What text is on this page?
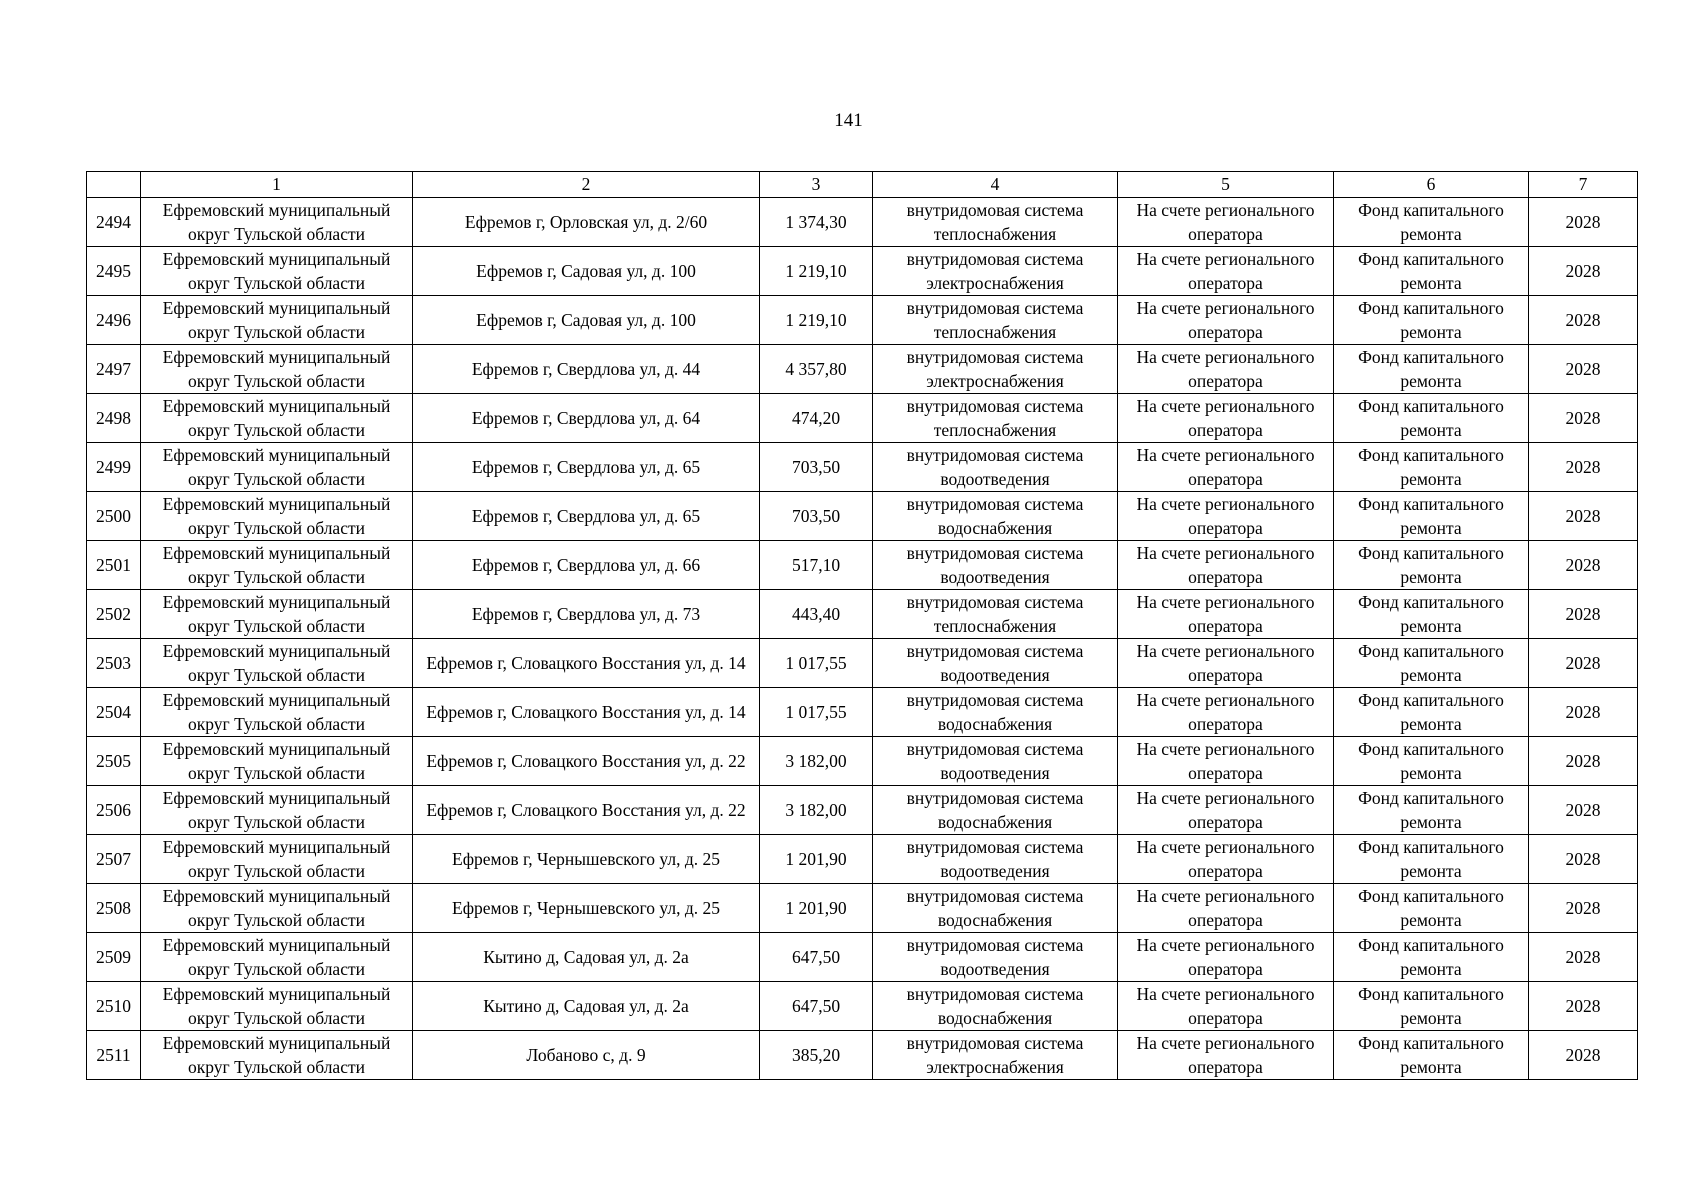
141
	1	2	3	4	5	6	7
2494	Ефремовский муниципальный округ Тульской области	Ефремов г, Орловская ул, д. 2/60	1 374,30	внутридомовая система теплоснабжения	На счете регионального оператора	Фонд капитального ремонта	2028
2495	Ефремовский муниципальный округ Тульской области	Ефремов г, Садовая ул, д. 100	1 219,10	внутридомовая система электроснабжения	На счете регионального оператора	Фонд капитального ремонта	2028
2496	Ефремовский муниципальный округ Тульской области	Ефремов г, Садовая ул, д. 100	1 219,10	внутридомовая система теплоснабжения	На счете регионального оператора	Фонд капитального ремонта	2028
2497	Ефремовский муниципальный округ Тульской области	Ефремов г, Свердлова ул, д. 44	4 357,80	внутридомовая система электроснабжения	На счете регионального оператора	Фонд капитального ремонта	2028
2498	Ефремовский муниципальный округ Тульской области	Ефремов г, Свердлова ул, д. 64	474,20	внутридомовая система теплоснабжения	На счете регионального оператора	Фонд капитального ремонта	2028
2499	Ефремовский муниципальный округ Тульской области	Ефремов г, Свердлова ул, д. 65	703,50	внутридомовая система водоотведения	На счете регионального оператора	Фонд капитального ремонта	2028
2500	Ефремовский муниципальный округ Тульской области	Ефремов г, Свердлова ул, д. 65	703,50	внутридомовая система водоснабжения	На счете регионального оператора	Фонд капитального ремонта	2028
2501	Ефремовский муниципальный округ Тульской области	Ефремов г, Свердлова ул, д. 66	517,10	внутридомовая система водоотведения	На счете регионального оператора	Фонд капитального ремонта	2028
2502	Ефремовский муниципальный округ Тульской области	Ефремов г, Свердлова ул, д. 73	443,40	внутридомовая система теплоснабжения	На счете регионального оператора	Фонд капитального ремонта	2028
2503	Ефремовский муниципальный округ Тульской области	Ефремов г, Словацкого Восстания ул, д. 14	1 017,55	внутридомовая система водоотведения	На счете регионального оператора	Фонд капитального ремонта	2028
2504	Ефремовский муниципальный округ Тульской области	Ефремов г, Словацкого Восстания ул, д. 14	1 017,55	внутридомовая система водоснабжения	На счете регионального оператора	Фонд капитального ремонта	2028
2505	Ефремовский муниципальный округ Тульской области	Ефремов г, Словацкого Восстания ул, д. 22	3 182,00	внутридомовая система водоотведения	На счете регионального оператора	Фонд капитального ремонта	2028
2506	Ефремовский муниципальный округ Тульской области	Ефремов г, Словацкого Восстания ул, д. 22	3 182,00	внутридомовая система водоснабжения	На счете регионального оператора	Фонд капитального ремонта	2028
2507	Ефремовский муниципальный округ Тульской области	Ефремов г, Чернышевского ул, д. 25	1 201,90	внутридомовая система водоотведения	На счете регионального оператора	Фонд капитального ремонта	2028
2508	Ефремовский муниципальный округ Тульской области	Ефремов г, Чернышевского ул, д. 25	1 201,90	внутридомовая система водоснабжения	На счете регионального оператора	Фонд капитального ремонта	2028
2509	Ефремовский муниципальный округ Тульской области	Кытино д, Садовая ул, д. 2а	647,50	внутридомовая система водоотведения	На счете регионального оператора	Фонд капитального ремонта	2028
2510	Ефремовский муниципальный округ Тульской области	Кытино д, Садовая ул, д. 2а	647,50	внутридомовая система водоснабжения	На счете регионального оператора	Фонд капитального ремонта	2028
2511	Ефремовский муниципальный округ Тульской области	Лобаново с, д. 9	385,20	внутридомовая система электроснабжения	На счете регионального оператора	Фонд капитального ремонта	2028
